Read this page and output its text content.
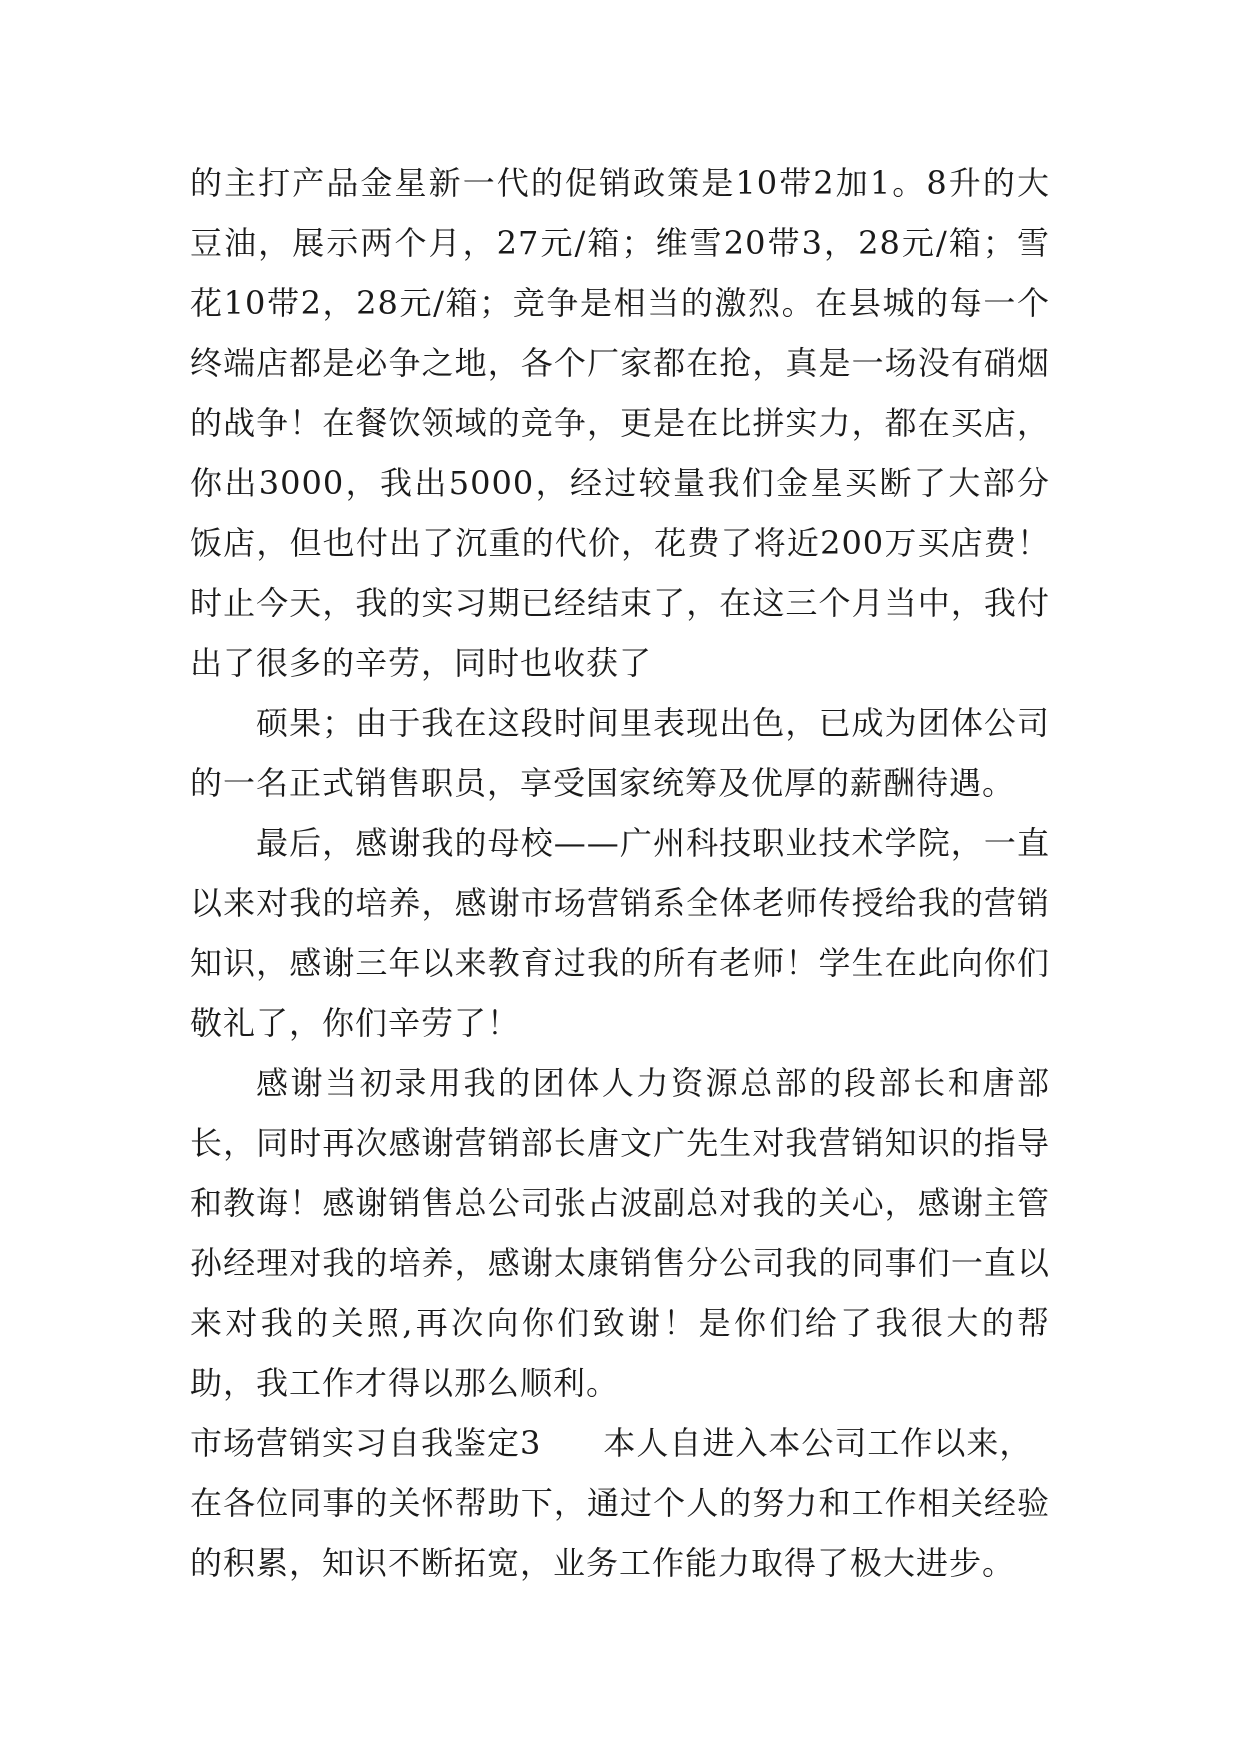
的主打产品金星新一代的促销政策是10带2加1。8升的大豆油，展示两个月，27元/箱；维雪20带3，28元/箱；雪花10带2，28元/箱；竞争是相当的激烈。在县城的每一个终端店都是必争之地，各个厂家都在抢，真是一场没有硝烟的战争！在餐饮领域的竞争，更是在比拼实力，都在买店，你出3000，我出5000，经过较量我们金星买断了大部分饭店，但也付出了沉重的代价，花费了将近200万买店费！时止今天，我的实习期已经结束了，在这三个月当中，我付出了很多的辛劳，同时也收获了

硕果；由于我在这段时间里表现出色，已成为团体公司的一名正式销售职员，享受国家统筹及优厚的薪酬待遇。

最后，感谢我的母校——广州科技职业技术学院，一直以来对我的培养，感谢市场营销系全体老师传授给我的营销知识，感谢三年以来教育过我的所有老师！学生在此向你们敬礼了，你们辛劳了！

感谢当初录用我的团体人力资源总部的段部长和唐部长，同时再次感谢营销部长唐文广先生对我营销知识的指导和教诲！感谢销售总公司张占波副总对我的关心，感谢主管孙经理对我的培养，感谢太康销售分公司我的同事们一直以来对我的关照,再次向你们致谢！是你们给了我很大的帮助，我工作才得以那么顺利。

市场营销实习自我鉴定3 本人自进入本公司工作以来，

在各位同事的关怀帮助下，通过个人的努力和工作相关经验的积累，知识不断拓宽，业务工作能力取得了极大进步。
